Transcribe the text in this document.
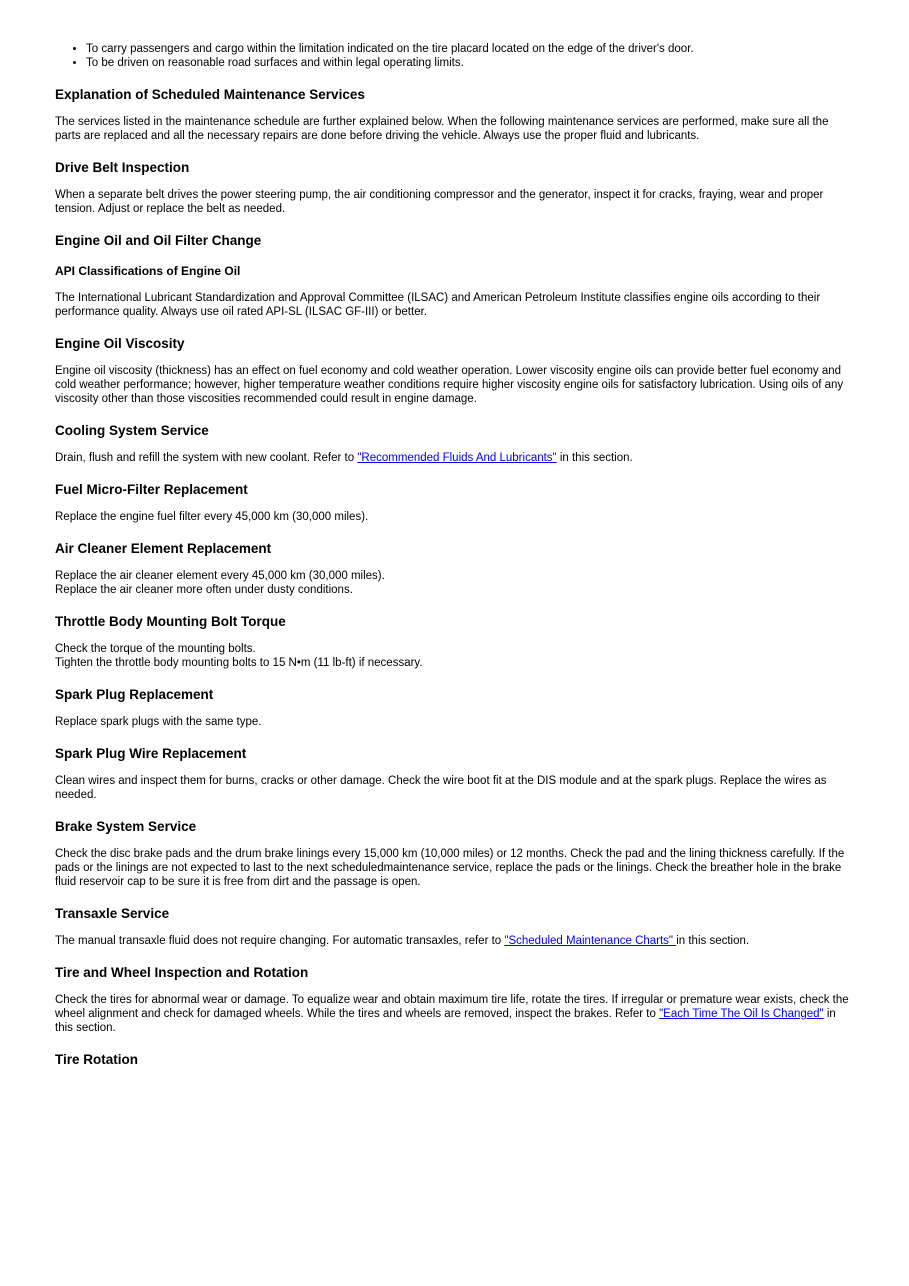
• To carry passengers and cargo within the limitation indicated on the tire placard located on the edge of the driver's door.
• To be driven on reasonable road surfaces and within legal operating limits.
Explanation of Scheduled Maintenance Services

The services listed in the maintenance schedule are further explained below. When the following maintenance services are performed, make sure all the parts are replaced and all the necessary repairs are done before driving the vehicle. Always use the proper fluid and lubricants.

Drive Belt Inspection

When a separate belt drives the power steering pump, the air conditioning compressor and the generator, inspect it for cracks, fraying, wear and proper tension. Adjust or replace the belt as needed.

Engine Oil and Oil Filter Change
API Classifications of Engine Oil

The International Lubricant Standardization and Approval Committee (ILSAC) and American Petroleum Institute classifies engine oils according to their performance quality. Always use oil rated API-SL (ILSAC GF-III) or better.

Engine Oil Viscosity

Engine oil viscosity (thickness) has an effect on fuel economy and cold weather operation. Lower viscosity engine oils can provide better fuel economy and cold weather performance; however, higher temperature weather conditions require higher viscosity engine oils for satisfactory lubrication. Using oils of any viscosity other than those viscosities recommended could result in engine damage.

Cooling System Service

Drain, flush and refill the system with new coolant. Refer to "Recommended Fluids And Lubricants" in this section.

Fuel Micro-Filter Replacement

Replace the engine fuel filter every 45,000 km (30,000 miles).

Air Cleaner Element Replacement

Replace the air cleaner element every 45,000 km (30,000 miles).
Replace the air cleaner more often under dusty conditions.

Throttle Body Mounting Bolt Torque

Check the torque of the mounting bolts.
Tighten the throttle body mounting bolts to 15 N•m (11 lb-ft) if necessary.

Spark Plug Replacement

Replace spark plugs with the same type.

Spark Plug Wire Replacement

Clean wires and inspect them for burns, cracks or other damage. Check the wire boot fit at the DIS module and at the spark plugs. Replace the wires as needed.

Brake System Service

Check the disc brake pads and the drum brake linings every 15,000 km (10,000 miles) or 12 months. Check the pad and the lining thickness carefully. If the pads or the linings are not expected to last to the next scheduledmaintenance service, replace the pads or the linings. Check the breather hole in the brake fluid reservoir cap to be sure it is free from dirt and the passage is open.

Transaxle Service

The manual transaxle fluid does not require changing. For automatic transaxles, refer to "Scheduled Maintenance Charts" in this section.

Tire and Wheel Inspection and Rotation

Check the tires for abnormal wear or damage. To equalize wear and obtain maximum tire life, rotate the tires. If irregular or premature wear exists, check the wheel alignment and check for damaged wheels. While the tires and wheels are removed, inspect the brakes. Refer to "Each Time The Oil Is Changed" in this section.

Tire Rotation
